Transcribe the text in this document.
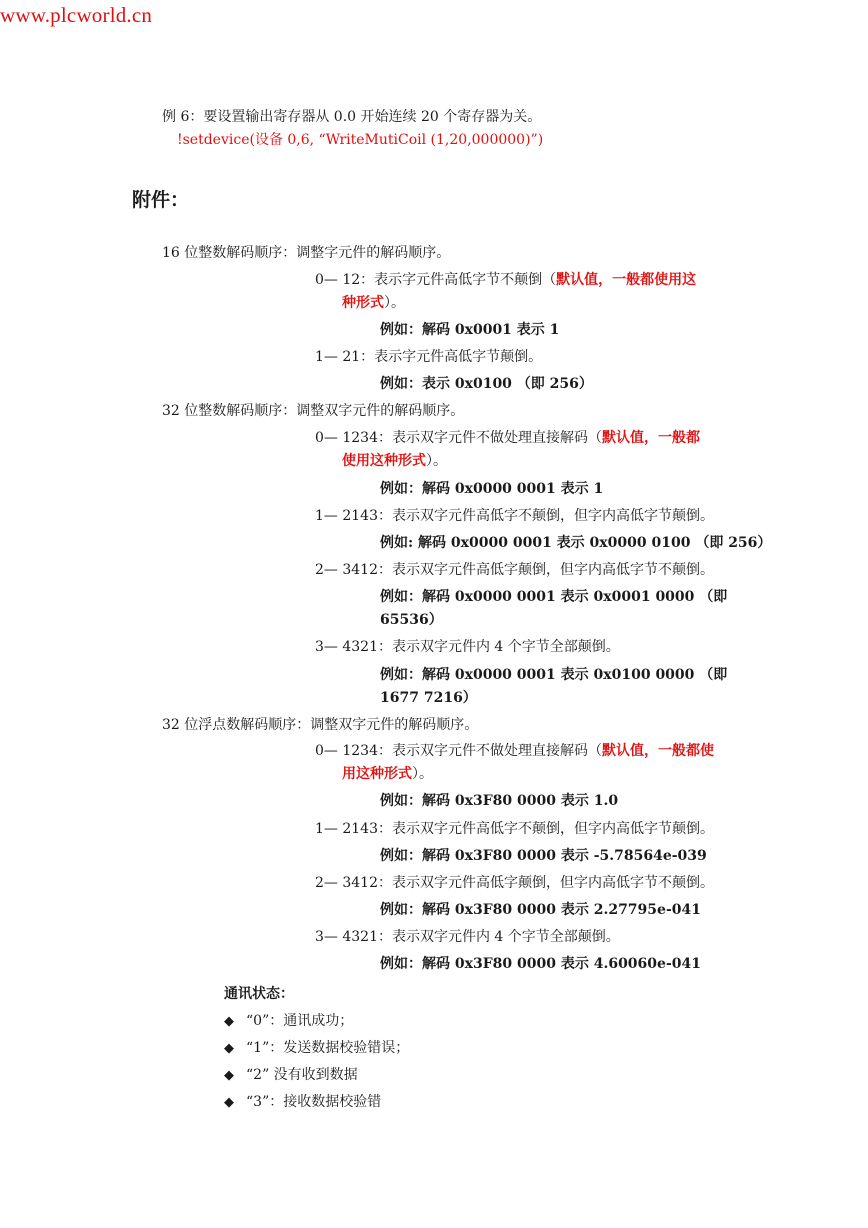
www.plcworld.cn
例 6：要设置输出寄存器从 0.0 开始连续 20 个寄存器为关。
!setdevice(设备 0,6, “WriteMutiCoil (1,20,000000)”)
附件：
16 位整数解码顺序：调整字元件的解码顺序。
0— 12：表示字元件高低字节不颠倒（默认值，一般都使用这
种形式）。
例如：解码 0x0001 表示 1
1— 21：表示字元件高低字节颠倒。
例如：表示 0x0100 （即 256）
32 位整数解码顺序：调整双字元件的解码顺序。
0— 1234：表示双字元件不做处理直接解码（默认值，一般都
使用这种形式）。
例如：解码 0x0000 0001 表示 1
1— 2143：表示双字元件高低字不颠倒，但字内高低字节颠倒。
例如: 解码 0x0000 0001 表示 0x0000 0100 （即 256）
2— 3412：表示双字元件高低字颠倒，但字内高低字节不颠倒。
例如：解码 0x0000 0001 表示 0x0001 0000 （即
65536）
3— 4321：表示双字元件内 4 个字节全部颠倒。
例如：解码 0x0000 0001 表示 0x0100 0000 （即
1677 7216）
32 位浮点数解码顺序：调整双字元件的解码顺序。
0— 1234：表示双字元件不做处理直接解码（默认值，一般都使
用这种形式）。
例如：解码 0x3F80 0000 表示 1.0
1— 2143：表示双字元件高低字不颠倒，但字内高低字节颠倒。
例如：解码 0x3F80 0000 表示 -5.78564e-039
2— 3412：表示双字元件高低字颠倒，但字内高低字节不颠倒。
例如：解码 0x3F80 0000 表示 2.27795e-041
3— 4321：表示双字元件内 4 个字节全部颠倒。
例如：解码 0x3F80 0000 表示 4.60060e-041
通讯状态：
◆ “0”：通讯成功；
◆ “1”：发送数据校验错误；
◆ “2” 没有收到数据
◆ “3”：接收数据校验错
